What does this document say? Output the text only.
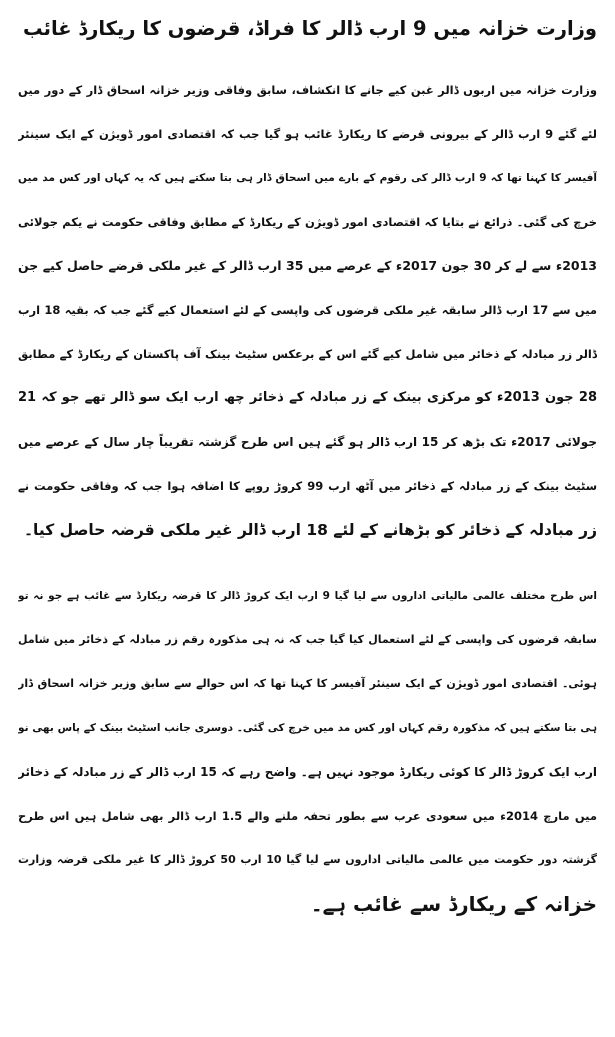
وزارت خزانہ میں 9 ارب ڈالر کا فراڈ، قرضوں کا ریکارڈ غائب
وزارت خزانہ میں اربوں ڈالر غبن کیے جانے کا انکشاف، سابق وفاقی وزیر خزانہ اسحاق ڈار کے دور میں
لئے گئے 9 ارب ڈالر کے بیرونی قرضے کا ریکارڈ غائب ہو گیا جب کہ اقتصادی امور ڈویژن کے ایک سینئر
آفیسر کا کہنا تھا کہ 9 ارب ڈالر کی رقوم کے بارے میں اسحاق ڈار ہی بتا سکتے ہیں کہ یہ کہاں اور کس مد میں
خرچ کی گئی۔ ذرائع نے بتایا کہ اقتصادی امور ڈویژن کے ریکارڈ کے مطابق وفاقی حکومت نے یکم جولائی
2013ء سے لے کر 30 جون 2017ء کے عرصے میں 35 ارب ڈالر کے غیر ملکی قرضے حاصل کیے جن
میں سے 17 ارب ڈالر سابقہ غیر ملکی قرضوں کی واپسی کے لئے استعمال کیے گئے جب کہ بقیہ 18 ارب
ڈالر زر مبادلہ کے ذخائر میں شامل کیے گئے اس کے برعکس سٹیٹ بینک آف پاکستان کے ریکارڈ کے مطابق
28 جون 2013ء کو مرکزی بینک کے زر مبادلہ کے ذخائر چھ ارب ایک سو ڈالر تھے جو کہ 21
جولائی 2017ء تک بڑھ کر 15 ارب ڈالر ہو گئے ہیں اس طرح گزشتہ تقریباً چار سال کے عرصے میں
سٹیٹ بینک کے زر مبادلہ کے ذخائر میں آٹھ ارب 99 کروڑ روپے کا اضافہ ہوا جب کہ وفاقی حکومت نے
زر مبادلہ کے ذخائر کو بڑھانے کے لئے 18 ارب ڈالر غیر ملکی قرضہ حاصل کیا۔
اس طرح مختلف عالمی مالیاتی اداروں سے لیا گیا 9 ارب ایک کروڑ ڈالر کا قرضہ ریکارڈ سے غائب ہے جو نہ تو
سابقہ قرضوں کی واپسی کے لئے استعمال کیا گیا جب کہ نہ ہی مذکورہ رقم زر مبادلہ کے ذخائر میں شامل
ہوئی۔ اقتصادی امور ڈویژن کے ایک سینئر آفیسر کا کہنا تھا کہ اس حوالے سے سابق وزیر خزانہ اسحاق ڈار
ہی بتا سکتے ہیں کہ مذکورہ رقم کہاں اور کس مد میں خرچ کی گئی۔ دوسری جانب اسٹیٹ بینک کے پاس بھی نو
ارب ایک کروڑ ڈالر کا کوئی ریکارڈ موجود نہیں ہے۔ واضح رہے کہ 15 ارب ڈالر کے زر مبادلہ کے ذخائر
میں مارچ 2014ء میں سعودی عرب سے بطور تحفہ ملنے والے 1.5 ارب ڈالر بھی شامل ہیں اس طرح
گزشتہ دور حکومت میں عالمی مالیاتی اداروں سے لیا گیا 10 ارب 50 کروڑ ڈالر کا غیر ملکی قرضہ وزارت
خزانہ کے ریکارڈ سے غائب ہے۔
